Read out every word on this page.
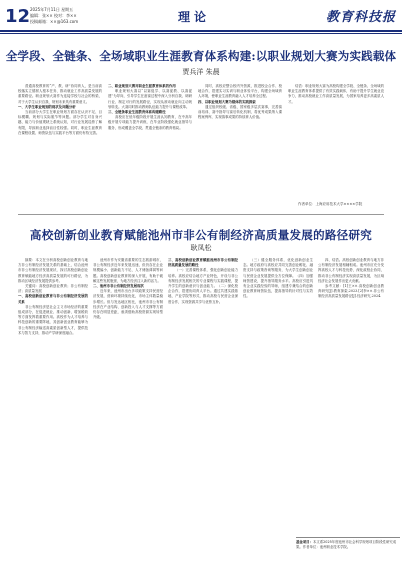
12 2025年7月11日 星期五
编辑：张×× 校对：李××
投稿邮箱：××@163.com	理论	教育科技报
全学段、全链条、全场域职业生涯教育体系构建:以职业规划大赛为实践载体
贾兵洋 朱晨

普通高校教育的“产、教、研”协同育人，是当前高校落实立德树人根本任务、推动就业工作高质量发展的重要路径。职业规划大赛作为连接学校与社会的桥梁，对于大学生认识自我、规划未来具有重要意义。

一、大学生职业规划的现状及问题分析

当前部分大学生在职业规划方面存在认识不足、目标模糊、规划与实际脱节等问题。部分学生对自身兴趣、能力与价值观缺乏系统认知，对行业发展趋势了解有限，导致职业选择盲目性较强。同时，职业生涯教育在课程设置、师资队伍与实践平台等方面仍有待完善。

二、职业规划大赛对职业生涯教育体系的作用

职业规划大赛以“以赛促学、以赛促教、以赛促建”为导向，引导学生在备赛过程中深入分析自我、调研行业、制定可行的发展路径，实现从被动就业向主动规划转变。大赛同时推动教师队伍能力提升与课程改革。

三、全链条职业生涯教育体系构建路径

高校应在低年级阶段开展生涯认知教育，在中高年级开展专项能力提升训练，在毕业阶段强化就业指导与服务，形成覆盖全学段、贯通全链条的教育格局。

同时，高校应整合校内外资源，推进校企合作、校地合作，搭建实习实训与职业体验平台，构建全场域育人环境，使职业生涯教育融入人才培养全过程。

四、以职业规划大赛为载体的实践探索

通过组织校级、省级、国家级多层次赛事，完善赛前培训、赛中指导与赛后转化机制，将优秀成果纳入课程案例库，实现赛事成果的持续育人价值。

结语：职业规划大赛为高校构建全学段、全链条、全场域的职业生涯教育体系提供了有效实践载体，有助于提升学生就业竞争力，推动高校就业工作高质量发展，为国家培养更多高素质人才。

作者单位：上海应用技术大学××××学院
高校创新创业教育赋能池州市非公有制经济高质量发展的路径研究
耿凤松

摘要：本文在分析高校创新创业教育与地方非公有制经济发展关系的基础上，结合池州市非公有制经济发展现状，探讨高校创新创业教育赋能地方经济高质量发展的可行路径，为推动区域经济发展提供参考。

关键词：高校创新创业教育；非公有制经济；高质量发展

一、高校创新创业教育与非公有制经济发展的关系

非公有制经济是社会主义市场经济的重要组成部分，在促进就业、推动创新、增加税收等方面发挥着重要作用。高校作为人才培养与科技创新的重要阵地，其创新创业教育能够为非公有制经济输送高素质创新型人才，提供技术与智力支持，推动产学研深度融合。

池州市作为安徽省重要的生态旅游城市，非公有制经济近年来发展迅速，但仍存在企业规模偏小、创新能力不足、人才储备薄弱等问题。高校创新创业教育的深入开展，有助于破解这些发展瓶颈，为地方经济注入新的活力。

二、池州市非公有制经济发展现状

近年来，池州市出台多项政策支持民营经济发展，营商环境持续优化，市场主体数量稳步增长。但与发达地区相比，池州市非公有制经济在产业结构、创新投入与人才支撑等方面仍存在明显差距，亟须借助高校资源实现转型升级。

三、高校创新创业教育赋能池州市非公有制经济高质量发展的路径

（一）完善课程体系，强化创新创业能力培养。高校应结合地方产业特色，开设与非公有制经济发展相关的专业课程与实践课程，提升学生的创新意识与创业能力。（二）深化校企合作，搭建协同育人平台。通过共建实践基地、产业学院等形式，推动高校与民营企业深度合作，实现资源共享与优势互补。

（三）健全服务体系，优化创新创业生态。地方政府与高校应共同完善创业孵化、融资支持与政策咨询等服务，为大学生创新创业与民营企业发展提供全方位保障。（四）加强师资建设，提升指导服务水平。高校应引进具有企业实践经验的导师，组建专兼结合的创新创业教育师资队伍，提高指导的针对性与实效性。

四、结语。高校创新创业教育与地方非公有制经济发展相辅相成。池州市应充分发挥高校人才与科技优势，深化政校企协同，推动非公有制经济实现高质量发展，为区域经济社会发展作出更大贡献。

参考文献：[1]王××.高校创新创业教育研究[J].教育探索,2023.[2]李××.非公有制经济高质量发展路径[J].经济研究,2024.

基金项目：本文系2025年度池州市社会科学规划项目阶段性研究成果。作者单位：池州职业技术学院。
